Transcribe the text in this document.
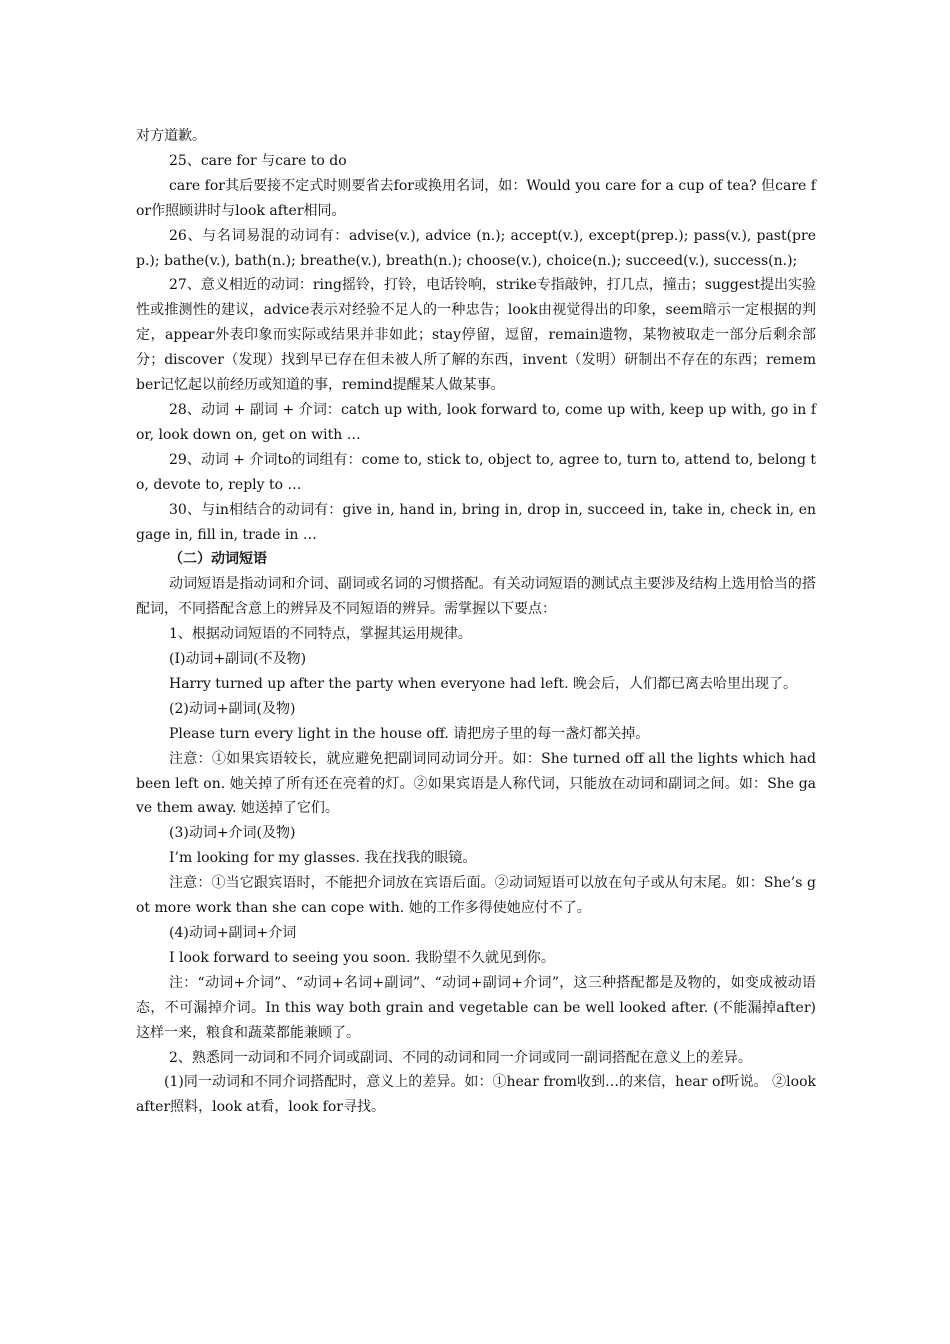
对方道歉。

25、care for 与care to do

care for其后要接不定式时则要省去for或换用名词，如：Would you care for a cup of tea? 但care for作照顾讲时与look after相同。

26、与名词易混的动词有：advise(v.), advice (n.); accept(v.), except(prep.); pass(v.), past(prep.); bathe(v.), bath(n.); breathe(v.), breath(n.); choose(v.), choice(n.); succeed(v.), success(n.);

27、意义相近的动词：ring摇铃，打铃，电话铃响，strike专指敲钟，打几点，撞击；suggest提出实验性或推测性的建议，advice表示对经验不足人的一种忠告；look由视觉得出的印象，seem暗示一定根据的判定，appear外表印象而实际或结果并非如此；stay停留，逗留，remain遗物，某物被取走一部分后剩余部分；discover（发现）找到早已存在但未被人所了解的东西，invent（发明）研制出不存在的东西；remember记忆起以前经历或知道的事，remind提醒某人做某事。

28、动词 + 副词 + 介词：catch up with, look forward to, come up with, keep up with, go in for, look down on, get on with …

29、动词 + 介词to的词组有：come to, stick to, object to, agree to, turn to, attend to, belong to, devote to, reply to …

30、与in相结合的动词有：give in, hand in, bring in, drop in, succeed in, take in, check in, engage in, fill in, trade in …

（二）动词短语

动词短语是指动词和介词、副词或名词的习惯搭配。有关动词短语的测试点主要涉及结构上选用恰当的搭配词，不同搭配含意上的辨异及不同短语的辨异。需掌握以下要点：

1、根据动词短语的不同特点，掌握其运用规律。

(I)动词+副词(不及物)

Harry turned up after the party when everyone had left. 晚会后，人们都已离去哈里出现了。

(2)动词+副词(及物)

Please turn every light in the house off. 请把房子里的每一盏灯都关掉。

注意：①如果宾语较长，就应避免把副词同动词分开。如：She turned off all the lights which had been left on. 她关掉了所有还在亮着的灯。②如果宾语是人称代词，只能放在动词和副词之间。如：She gave them away. 她送掉了它们。

(3)动词+介词(及物)

I’m looking for my glasses. 我在找我的眼镜。

注意：①当它跟宾语时，不能把介词放在宾语后面。②动词短语可以放在句子或从句末尾。如：She’s got more work than she can cope with. 她的工作多得使她应付不了。

(4)动词+副词+介词

I look forward to seeing you soon. 我盼望不久就见到你。

注：“动词+介词”、“动词+名词+副词”、“动词+副词+介词”，这三种搭配都是及物的，如变成被动语态，不可漏掉介词。In this way both grain and vegetable can be well looked after. (不能漏掉after) 这样一来，粮食和蔬菜都能兼顾了。

2、熟悉同一动词和不同介词或副词、不同的动词和同一介词或同一副词搭配在意义上的差异。

(1)同一动词和不同介词搭配时，意义上的差异。如：①hear from收到…的来信，hear of听说。 ②look after照料，look at看，look for寻找。
